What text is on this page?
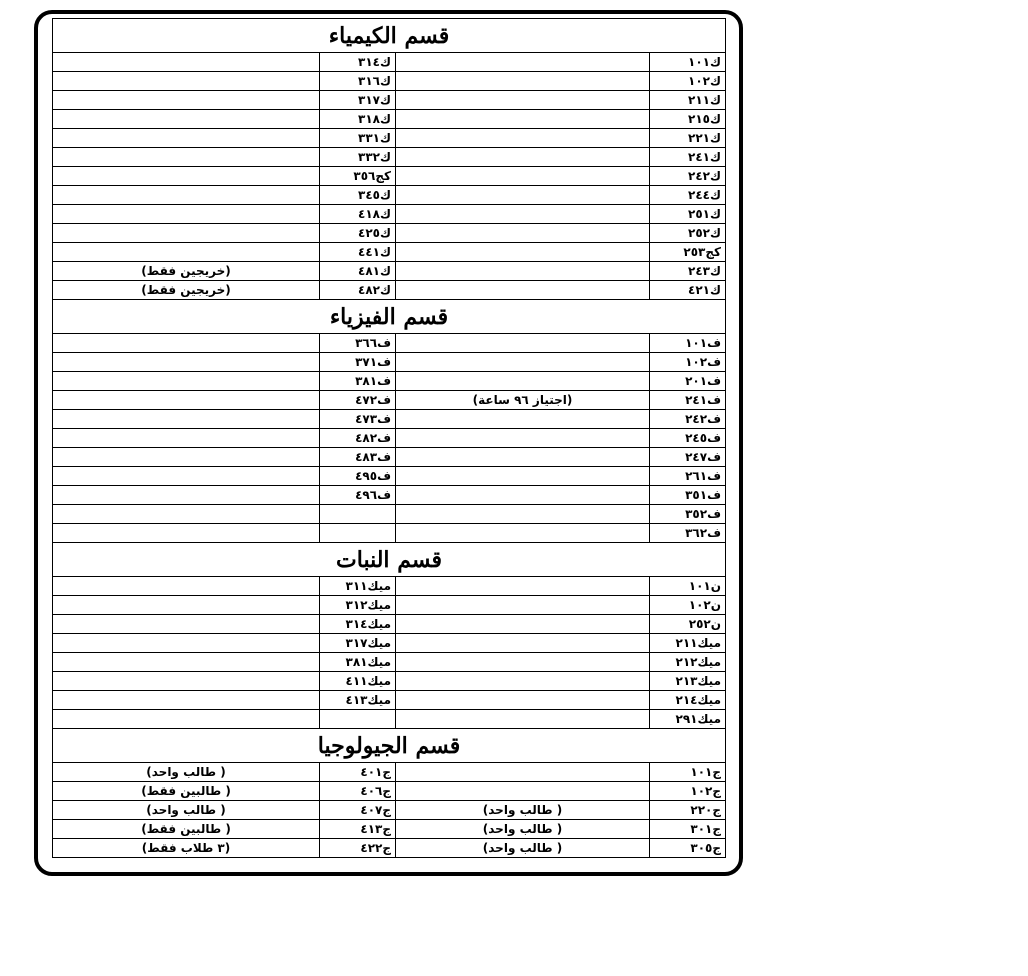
قسم الكيمياء			
ك١٠١		ك٣١٤	
ك١٠٢		ك٣١٦	
ك٢١١		ك٣١٧	
ك٢١٥		ك٣١٨	
ك٢٢١		ك٣٣١	
ك٢٤١		ك٣٣٢	
ك٢٤٢		كج٣٥٦	
ك٢٤٤		ك٣٤٥	
ك٢٥١		ك٤١٨	
ك٢٥٢		ك٤٢٥	
كج٢٥٣		ك٤٤١	
ك٢٤٣		ك٤٨١	(خريجين فقط)
ك٤٢١		ك٤٨٢	(خريجين فقط)
قسم الفيزياء			
ف١٠١		ف٣٦٦	
ف١٠٢		ف٣٧١	
ف٢٠١		ف٣٨١	
ف٢٤١	(اجتياز ٩٦ ساعة)	ف٤٧٢	
ف٢٤٢		ف٤٧٣	
ف٢٤٥		ف٤٨٢	
ف٢٤٧		ف٤٨٣	
ف٢٦١		ف٤٩٥	
ف٣٥١		ف٤٩٦	
ف٣٥٢			
ف٣٦٢			
قسم النبات			
ن١٠١		ميك٣١١	
ن١٠٢		ميك٣١٢	
ن٢٥٢		ميك٣١٤	
ميك٢١١		ميك٣١٧	
ميك٢١٢		ميك٣٨١	
ميك٢١٣		ميك٤١١	
ميك٢١٤		ميك٤١٣	
ميك٢٩١			
قسم الجيولوجيا			
ج١٠١		ج٤٠١	( طالب واحد)
ج١٠٢		ج٤٠٦	( طالبين فقط)
ج٢٢٠	( طالب واحد)	ج٤٠٧	( طالب واحد)
ج٣٠١	( طالب واحد)	ج٤١٣	( طالبين فقط)
ج٣٠٥	( طالب واحد)	ج٤٢٢	(٣ طلاب فقط)
